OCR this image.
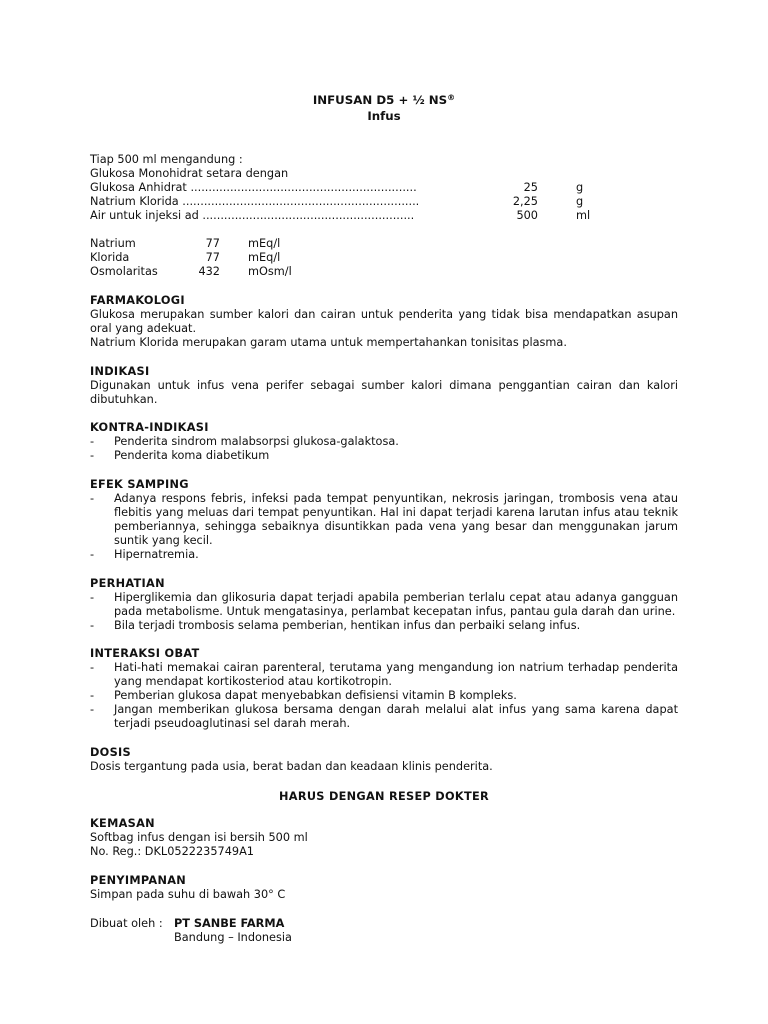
INFUSAN D5 + ½ NS®
Infus
Tiap 500 ml mengandung :
Glukosa Monohidrat setara dengan
Glukosa Anhidrat ...............................................................	25	g
Natrium Klorida ..................................................................	2,25	g
Air untuk injeksi ad ...........................................................	500	ml
Natrium	77 mEq/l
Klorida	77 mEq/l
Osmolaritas	432 mOsm/l
FARMAKOLOGI
Glukosa merupakan sumber kalori dan cairan untuk penderita yang tidak bisa mendapatkan asupan oral yang adekuat.
Natrium Klorida merupakan garam utama untuk mempertahankan tonisitas plasma.
INDIKASI
Digunakan untuk infus vena perifer sebagai sumber kalori dimana penggantian cairan dan kalori dibutuhkan.
KONTRA-INDIKASI
- Penderita sindrom malabsorpsi glukosa-galaktosa.
- Penderita koma diabetikum
EFEK SAMPING
- Adanya respons febris, infeksi pada tempat penyuntikan, nekrosis jaringan, trombosis vena atau flebitis yang meluas dari tempat penyuntikan. Hal ini dapat terjadi karena larutan infus atau teknik pemberiannya, sehingga sebaiknya disuntikkan pada vena yang besar dan menggunakan jarum suntik yang kecil.
- Hipernatremia.
PERHATIAN
- Hiperglikemia dan glikosuria dapat terjadi apabila pemberian terlalu cepat atau adanya gangguan pada metabolisme. Untuk mengatasinya, perlambat kecepatan infus, pantau gula darah dan urine.
- Bila terjadi trombosis selama pemberian, hentikan infus dan perbaiki selang infus.
INTERAKSI OBAT
- Hati-hati memakai cairan parenteral, terutama yang mengandung ion natrium terhadap penderita yang mendapat kortikosteriod atau kortikotropin.
- Pemberian glukosa dapat menyebabkan defisiensi vitamin B kompleks.
- Jangan memberikan glukosa bersama dengan darah melalui alat infus yang sama karena dapat terjadi pseudoaglutinasi sel darah merah.
DOSIS
Dosis tergantung pada usia, berat badan dan keadaan klinis penderita.
HARUS DENGAN RESEP DOKTER
KEMASAN
Softbag infus dengan isi bersih 500 ml
No. Reg.: DKL0522235749A1
PENYIMPANAN
Simpan pada suhu di bawah 30° C
Dibuat oleh : PT SANBE FARMA
Bandung – Indonesia
